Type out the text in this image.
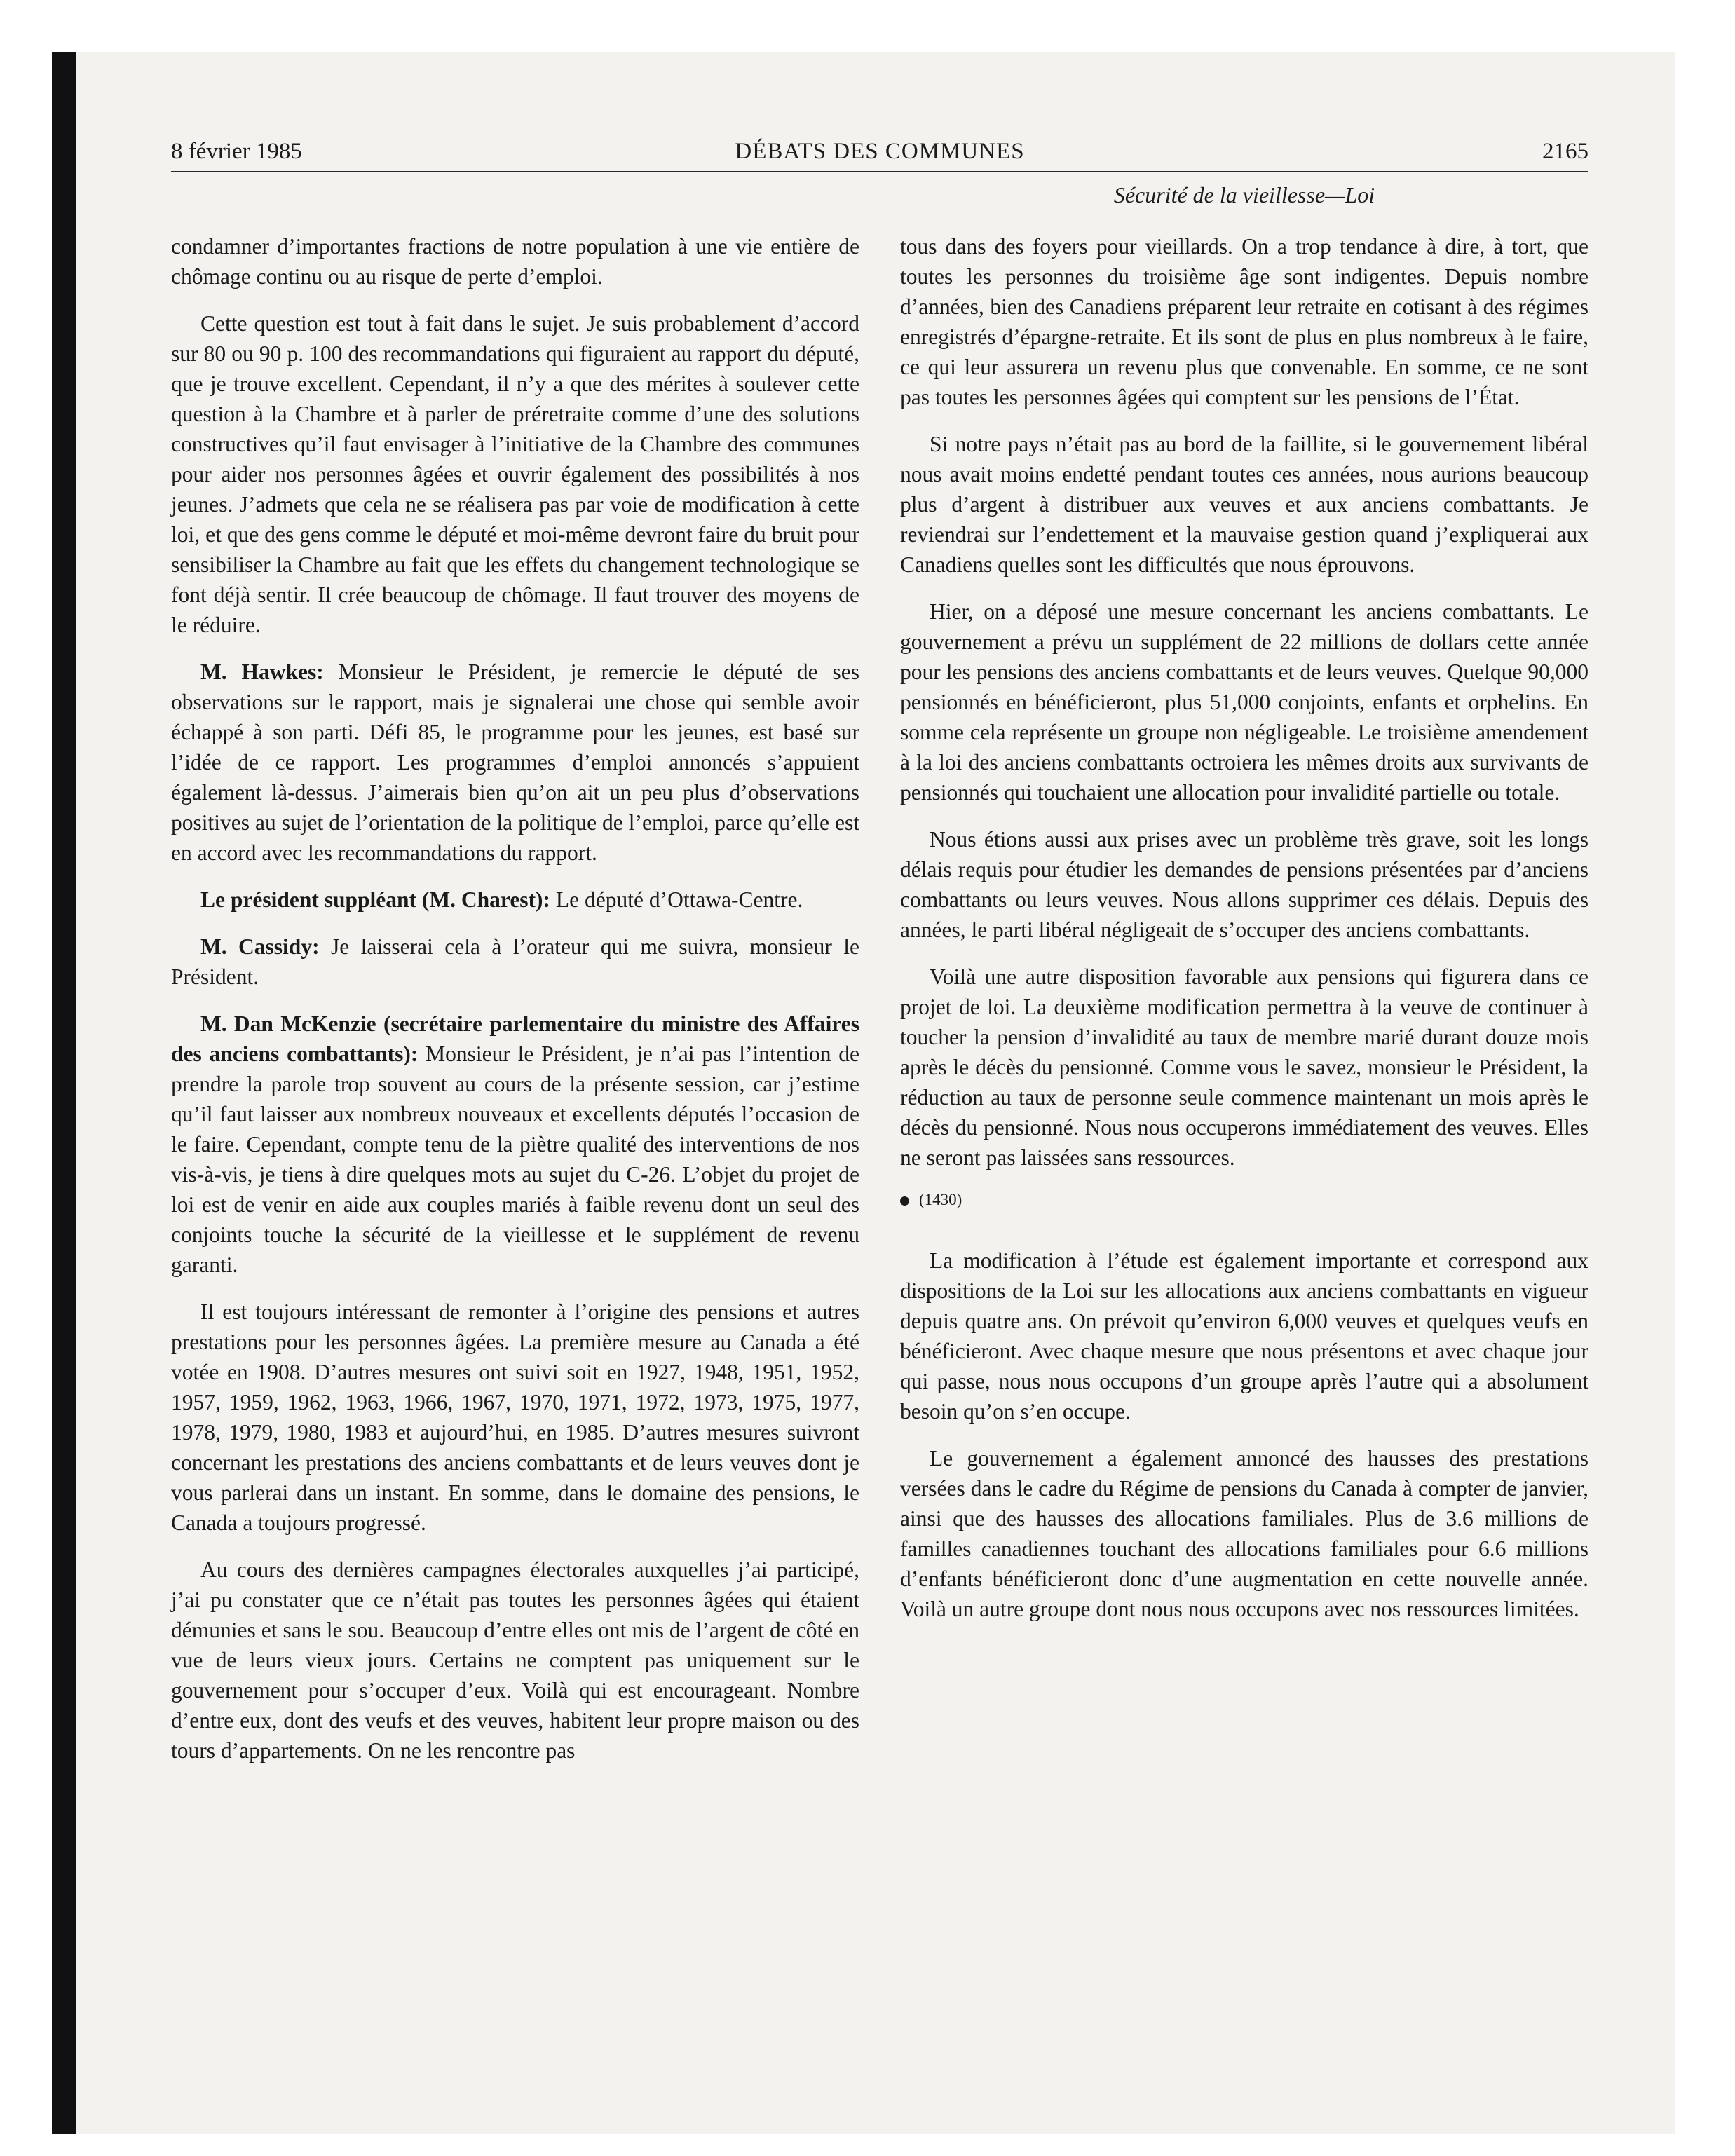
8 février 1985	DÉBATS DES COMMUNES	2165
Sécurité de la vieillesse—Loi

condamner d’importantes fractions de notre population à une vie entière de chômage continu ou au risque de perte d’emploi.

Cette question est tout à fait dans le sujet. Je suis probablement d’accord sur 80 ou 90 p. 100 des recommandations qui figuraient au rapport du député, que je trouve excellent. Cependant, il n’y a que des mérites à soulever cette question à la Chambre et à parler de préretraite comme d’une des solutions constructives qu’il faut envisager à l’initiative de la Chambre des communes pour aider nos personnes âgées et ouvrir également des possibilités à nos jeunes. J’admets que cela ne se réalisera pas par voie de modification à cette loi, et que des gens comme le député et moi-même devront faire du bruit pour sensibiliser la Chambre au fait que les effets du changement technologique se font déjà sentir. Il crée beaucoup de chômage. Il faut trouver des moyens de le réduire.

M. Hawkes: Monsieur le Président, je remercie le député de ses observations sur le rapport, mais je signalerai une chose qui semble avoir échappé à son parti. Défi 85, le programme pour les jeunes, est basé sur l’idée de ce rapport. Les programmes d’emploi annoncés s’appuient également là-dessus. J’aimerais bien qu’on ait un peu plus d’observations positives au sujet de l’orientation de la politique de l’emploi, parce qu’elle est en accord avec les recommandations du rapport.

Le président suppléant (M. Charest): Le député d’Ottawa-Centre.

M. Cassidy: Je laisserai cela à l’orateur qui me suivra, monsieur le Président.

M. Dan McKenzie (secrétaire parlementaire du ministre des Affaires des anciens combattants): Monsieur le Président, je n’ai pas l’intention de prendre la parole trop souvent au cours de la présente session, car j’estime qu’il faut laisser aux nombreux nouveaux et excellents députés l’occasion de le faire. Cependant, compte tenu de la piètre qualité des interventions de nos vis-à-vis, je tiens à dire quelques mots au sujet du C-26. L’objet du projet de loi est de venir en aide aux couples mariés à faible revenu dont un seul des conjoints touche la sécurité de la vieillesse et le supplément de revenu garanti.

Il est toujours intéressant de remonter à l’origine des pensions et autres prestations pour les personnes âgées. La première mesure au Canada a été votée en 1908. D’autres mesures ont suivi soit en 1927, 1948, 1951, 1952, 1957, 1959, 1962, 1963, 1966, 1967, 1970, 1971, 1972, 1973, 1975, 1977, 1978, 1979, 1980, 1983 et aujourd’hui, en 1985. D’autres mesures suivront concernant les prestations des anciens combattants et de leurs veuves dont je vous parlerai dans un instant. En somme, dans le domaine des pensions, le Canada a toujours progressé.

Au cours des dernières campagnes électorales auxquelles j’ai participé, j’ai pu constater que ce n’était pas toutes les personnes âgées qui étaient démunies et sans le sou. Beaucoup d’entre elles ont mis de l’argent de côté en vue de leurs vieux jours. Certains ne comptent pas uniquement sur le gouvernement pour s’occuper d’eux. Voilà qui est encourageant. Nombre d’entre eux, dont des veufs et des veuves, habitent leur propre maison ou des tours d’appartements. On ne les rencontre pas

tous dans des foyers pour vieillards. On a trop tendance à dire, à tort, que toutes les personnes du troisième âge sont indigentes. Depuis nombre d’années, bien des Canadiens préparent leur retraite en cotisant à des régimes enregistrés d’épargne-retraite. Et ils sont de plus en plus nombreux à le faire, ce qui leur assurera un revenu plus que convenable. En somme, ce ne sont pas toutes les personnes âgées qui comptent sur les pensions de l’État.

Si notre pays n’était pas au bord de la faillite, si le gouvernement libéral nous avait moins endetté pendant toutes ces années, nous aurions beaucoup plus d’argent à distribuer aux veuves et aux anciens combattants. Je reviendrai sur l’endettement et la mauvaise gestion quand j’expliquerai aux Canadiens quelles sont les difficultés que nous éprouvons.

Hier, on a déposé une mesure concernant les anciens combattants. Le gouvernement a prévu un supplément de 22 millions de dollars cette année pour les pensions des anciens combattants et de leurs veuves. Quelque 90,000 pensionnés en bénéficieront, plus 51,000 conjoints, enfants et orphelins. En somme cela représente un groupe non négligeable. Le troisième amendement à la loi des anciens combattants octroiera les mêmes droits aux survivants de pensionnés qui touchaient une allocation pour invalidité partielle ou totale.

Nous étions aussi aux prises avec un problème très grave, soit les longs délais requis pour étudier les demandes de pensions présentées par d’anciens combattants ou leurs veuves. Nous allons supprimer ces délais. Depuis des années, le parti libéral négligeait de s’occuper des anciens combattants.

Voilà une autre disposition favorable aux pensions qui figurera dans ce projet de loi. La deuxième modification permettra à la veuve de continuer à toucher la pension d’invalidité au taux de membre marié durant douze mois après le décès du pensionné. Comme vous le savez, monsieur le Président, la réduction au taux de personne seule commence maintenant un mois après le décès du pensionné. Nous nous occuperons immédiatement des veuves. Elles ne seront pas laissées sans ressources.

(1430)

La modification à l’étude est également importante et correspond aux dispositions de la Loi sur les allocations aux anciens combattants en vigueur depuis quatre ans. On prévoit qu’environ 6,000 veuves et quelques veufs en bénéficieront. Avec chaque mesure que nous présentons et avec chaque jour qui passe, nous nous occupons d’un groupe après l’autre qui a absolument besoin qu’on s’en occupe.

Le gouvernement a également annoncé des hausses des prestations versées dans le cadre du Régime de pensions du Canada à compter de janvier, ainsi que des hausses des allocations familiales. Plus de 3.6 millions de familles canadiennes touchant des allocations familiales pour 6.6 millions d’enfants bénéficieront donc d’une augmentation en cette nouvelle année. Voilà un autre groupe dont nous nous occupons avec nos ressources limitées.
